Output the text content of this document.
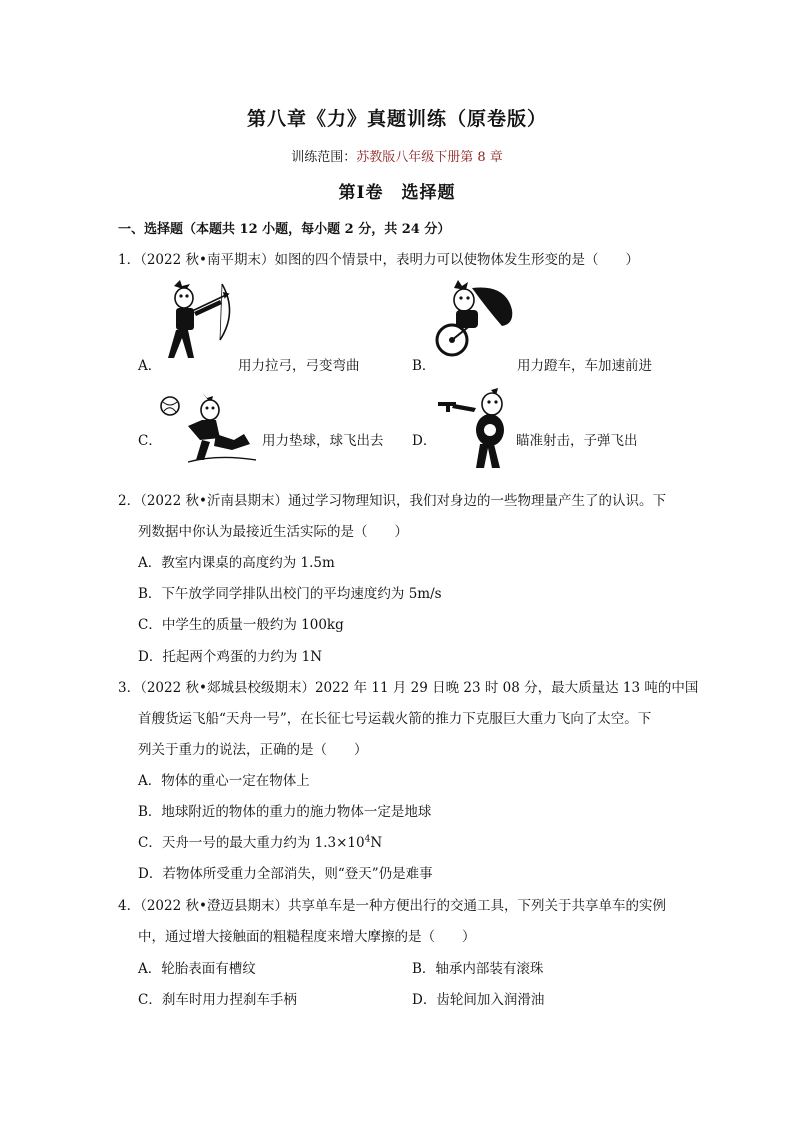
第八章《力》真题训练（原卷版）
训练范围：苏教版八年级下册第 8 章
第Ⅰ卷　选择题
一、选择题（本题共 12 小题，每小题 2 分，共 24 分）
1．（2022 秋•南平期末）如图的四个情景中，表明力可以使物体发生形变的是（　　）
A．	用力拉弓，弓变弯曲	B．	用力蹬车，车加速前进
C．	用力垫球，球飞出去 D．	瞄准射击，子弹飞出
2．（2022 秋•沂南县期末）通过学习物理知识，我们对身边的一些物理量产生了的认识。下
列数据中你认为最接近生活实际的是（　　）
A．教室内课桌的高度约为 1.5m
B．下午放学同学排队出校门的平均速度约为 5m/s
C．中学生的质量一般约为 100kg
D．托起两个鸡蛋的力约为 1N
3．（2022 秋•郯城县校级期末）2022 年 11 月 29 日晚 23 时 08 分，最大质量达 13 吨的中国
首艘货运飞船“天舟一号”，在长征七号运载火箭的推力下克服巨大重力飞向了太空。下
列关于重力的说法，正确的是（　　）
A．物体的重心一定在物体上
B．地球附近的物体的重力的施力物体一定是地球
C．天舟一号的最大重力约为 $1.3\times 10^4N$
D．若物体所受重力全部消失，则“登天”仍是难事
4．（2022 秋•澄迈县期末）共享单车是一种方便出行的交通工具，下列关于共享单车的实例
中，通过增大接触面的粗糙程度来增大摩擦的是（　　）
A．轮胎表面有槽纹	B．轴承内部装有滚珠
C．刹车时用力捏刹车手柄	D．齿轮间加入润滑油
